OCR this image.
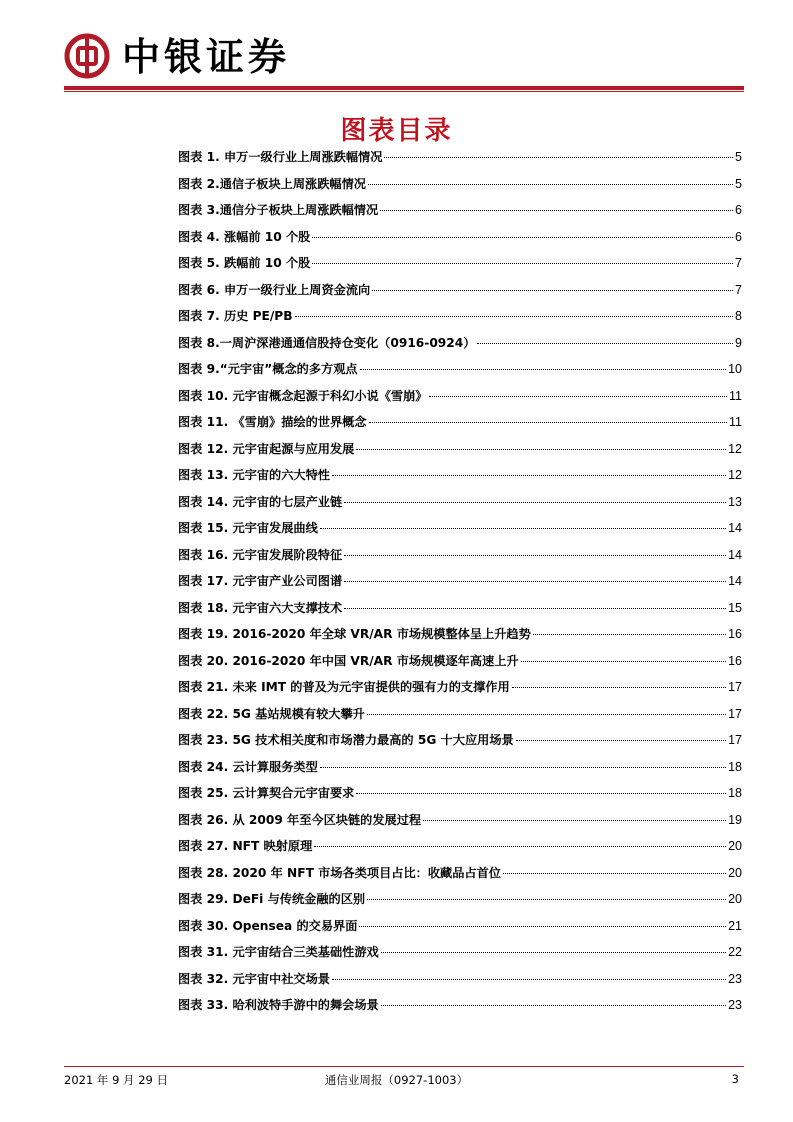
中银证券
图表目录
图表 1. 申万一级行业上周涨跌幅情况	5
图表 2.通信子板块上周涨跌幅情况	5
图表 3.通信分子板块上周涨跌幅情况	6
图表 4. 涨幅前 10 个股	6
图表 5. 跌幅前 10 个股	7
图表 6. 申万一级行业上周资金流向	7
图表 7. 历史 PE/PB	8
图表 8.一周沪深港通通信股持仓变化（0916-0924）	9
图表 9.“元宇宙”概念的多方观点	10
图表 10. 元宇宙概念起源于科幻小说《雪崩》	11
图表 11. 《雪崩》描绘的世界概念	11
图表 12. 元宇宙起源与应用发展	12
图表 13. 元宇宙的六大特性	12
图表 14. 元宇宙的七层产业链	13
图表 15. 元宇宙发展曲线	14
图表 16. 元宇宙发展阶段特征	14
图表 17. 元宇宙产业公司图谱	14
图表 18. 元宇宙六大支撑技术	15
图表 19. 2016-2020 年全球 VR/AR 市场规模整体呈上升趋势	16
图表 20. 2016-2020 年中国 VR/AR 市场规模逐年高速上升	16
图表 21. 未来 IMT 的普及为元宇宙提供的强有力的支撑作用	17
图表 22. 5G 基站规模有较大攀升	17
图表 23. 5G 技术相关度和市场潜力最高的 5G 十大应用场景	17
图表 24. 云计算服务类型	18
图表 25. 云计算契合元宇宙要求	18
图表 26. 从 2009 年至今区块链的发展过程	19
图表 27. NFT 映射原理	20
图表 28. 2020 年 NFT 市场各类项目占比：收藏品占首位	20
图表 29. DeFi 与传统金融的区别	20
图表 30. Opensea 的交易界面	21
图表 31. 元宇宙结合三类基础性游戏	22
图表 32. 元宇宙中社交场景	23
图表 33. 哈利波特手游中的舞会场景	23
2021 年 9 月 29 日	通信业周报（0927-1003）	3
